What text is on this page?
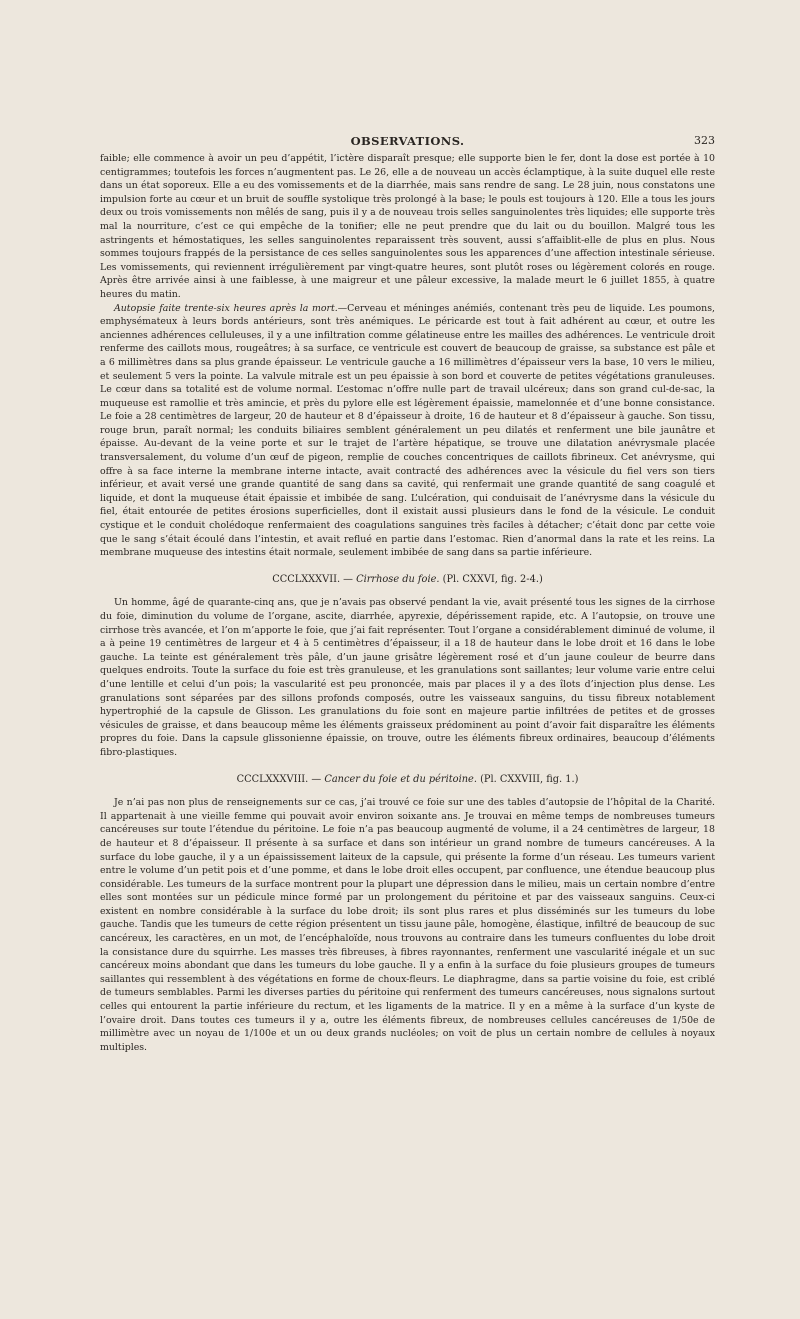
OBSERVATIONS.	323

faible; elle commence à avoir un peu d’appétit, l’ictère disparaît presque; elle supporte bien le fer, dont la dose est portée à 10 centigrammes; toutefois les forces n’augmentent pas. Le 26, elle a de nouveau un accès éclamptique, à la suite duquel elle reste dans un état soporeux. Elle a eu des vomissements et de la diarrhée, mais sans rendre de sang. Le 28 juin, nous constatons une impulsion forte au cœur et un bruit de souffle systolique très prolongé à la base; le pouls est toujours à 120. Elle a tous les jours deux ou trois vomissements non mêlés de sang, puis il y a de nouveau trois selles sanguinolentes très liquides; elle supporte très mal la nourriture, c’est ce qui empêche de la tonifier; elle ne peut prendre que du lait ou du bouillon. Malgré tous les astringents et hémostatiques, les selles sanguinolentes reparaissent très souvent, aussi s’affaiblit-elle de plus en plus. Nous sommes toujours frappés de la persistance de ces selles sanguinolentes sous les apparences d’une affection intestinale sérieuse. Les vomissements, qui reviennent irrégulièrement par vingt-quatre heures, sont plutôt roses ou légèrement colorés en rouge. Après être arrivée ainsi à une faiblesse, à une maigreur et une pâleur excessive, la malade meurt le 6 juillet 1855, à quatre heures du matin.

Autopsie faite trente-six heures après la mort.—Cerveau et méninges anémiés, contenant très peu de liquide. Les poumons, emphysémateux à leurs bords antérieurs, sont très anémiques. Le péricarde est tout à fait adhérent au cœur, et outre les anciennes adhérences celluleuses, il y a une infiltration comme gélatineuse entre les mailles des adhérences. Le ventricule droit renferme des caillots mous, rougeâtres; à sa surface, ce ventricule est couvert de beaucoup de graisse, sa substance est pâle et a 6 millimètres dans sa plus grande épaisseur. Le ventricule gauche a 16 millimètres d’épaisseur vers la base, 10 vers le milieu, et seulement 5 vers la pointe. La valvule mitrale est un peu épaissie à son bord et couverte de petites végétations granuleuses. Le cœur dans sa totalité est de volume normal. L’estomac n’offre nulle part de travail ulcéreux; dans son grand cul-de-sac, la muqueuse est ramollie et très amincie, et près du pylore elle est légèrement épaissie, mamelonnée et d’une bonne consistance. Le foie a 28 centimètres de largeur, 20 de hauteur et 8 d’épaisseur à droite, 16 de hauteur et 8 d’épaisseur à gauche. Son tissu, rouge brun, paraît normal; les conduits biliaires semblent généralement un peu dilatés et renferment une bile jaunâtre et épaisse. Au-devant de la veine porte et sur le trajet de l’artère hépatique, se trouve une dilatation anévrysmale placée transversalement, du volume d’un œuf de pigeon, remplie de couches concentriques de caillots fibrineux. Cet anévrysme, qui offre à sa face interne la membrane interne intacte, avait contracté des adhérences avec la vésicule du fiel vers son tiers inférieur, et avait versé une grande quantité de sang dans sa cavité, qui renfermait une grande quantité de sang coagulé et liquide, et dont la muqueuse était épaissie et imbibée de sang. L’ulcération, qui conduisait de l’anévrysme dans la vésicule du fiel, était entourée de petites érosions superficielles, dont il existait aussi plusieurs dans le fond de la vésicule. Le conduit cystique et le conduit cholédoque renfermaient des coagulations sanguines très faciles à détacher; c’était donc par cette voie que le sang s’était écoulé dans l’intestin, et avait reflué en partie dans l’estomac. Rien d’anormal dans la rate et les reins. La membrane muqueuse des intestins était normale, seulement imbibée de sang dans sa partie inférieure.

CCCLXXXVII. — Cirrhose du foie. (Pl. CXXVI, fig. 2-4.)

Un homme, âgé de quarante-cinq ans, que je n’avais pas observé pendant la vie, avait présenté tous les signes de la cirrhose du foie, diminution du volume de l’organe, ascite, diarrhée, apyrexie, dépérissement rapide, etc. A l’autopsie, on trouve une cirrhose très avancée, et l’on m’apporte le foie, que j’ai fait représenter. Tout l’organe a considérablement diminué de volume, il a à peine 19 centimètres de largeur et 4 à 5 centimètres d’épaisseur, il a 18 de hauteur dans le lobe droit et 16 dans le lobe gauche. La teinte est généralement très pâle, d’un jaune grisâtre légèrement rosé et d’un jaune couleur de beurre dans quelques endroits. Toute la surface du foie est très granuleuse, et les granulations sont saillantes; leur volume varie entre celui d’une lentille et celui d’un pois; la vascularité est peu prononcée, mais par places il y a des îlots d’injection plus dense. Les granulations sont séparées par des sillons profonds composés, outre les vaisseaux sanguins, du tissu fibreux notablement hypertrophié de la capsule de Glisson. Les granulations du foie sont en majeure partie infiltrées de petites et de grosses vésicules de graisse, et dans beaucoup même les éléments graisseux prédominent au point d’avoir fait disparaître les éléments propres du foie. Dans la capsule glissonienne épaissie, on trouve, outre les éléments fibreux ordinaires, beaucoup d’éléments fibro-plastiques.

CCCLXXXVIII. — Cancer du foie et du péritoine. (Pl. CXXVIII, fig. 1.)

Je n’ai pas non plus de renseignements sur ce cas, j’ai trouvé ce foie sur une des tables d’autopsie de l’hôpital de la Charité. Il appartenait à une vieille femme qui pouvait avoir environ soixante ans. Je trouvai en même temps de nombreuses tumeurs cancéreuses sur toute l’étendue du péritoine. Le foie n’a pas beaucoup augmenté de volume, il a 24 centimètres de largeur, 18 de hauteur et 8 d’épaisseur. Il présente à sa surface et dans son intérieur un grand nombre de tumeurs cancéreuses. A la surface du lobe gauche, il y a un épaississement laiteux de la capsule, qui présente la forme d’un réseau. Les tumeurs varient entre le volume d’un petit pois et d’une pomme, et dans le lobe droit elles occupent, par confluence, une étendue beaucoup plus considérable. Les tumeurs de la surface montrent pour la plupart une dépression dans le milieu, mais un certain nombre d’entre elles sont montées sur un pédicule mince formé par un prolongement du péritoine et par des vaisseaux sanguins. Ceux-ci existent en nombre considérable à la surface du lobe droit; ils sont plus rares et plus disséminés sur les tumeurs du lobe gauche. Tandis que les tumeurs de cette région présentent un tissu jaune pâle, homogène, élastique, infiltré de beaucoup de suc cancéreux, les caractères, en un mot, de l’encéphaloïde, nous trouvons au contraire dans les tumeurs confluentes du lobe droit la consistance dure du squirrhe. Les masses très fibreuses, à fibres rayonnantes, renferment une vascularité inégale et un suc cancéreux moins abondant que dans les tumeurs du lobe gauche. Il y a enfin à la surface du foie plusieurs groupes de tumeurs saillantes qui ressemblent à des végétations en forme de choux-fleurs. Le diaphragme, dans sa partie voisine du foie, est criblé de tumeurs semblables. Parmi les diverses parties du péritoine qui renferment des tumeurs cancéreuses, nous signalons surtout celles qui entourent la partie inférieure du rectum, et les ligaments de la matrice. Il y en a même à la surface d’un kyste de l’ovaire droit. Dans toutes ces tumeurs il y a, outre les éléments fibreux, de nombreuses cellules cancéreuses de 1/50e de millimètre avec un noyau de 1/100e et un ou deux grands nucléoles; on voit de plus un certain nombre de cellules à noyaux multiples.
